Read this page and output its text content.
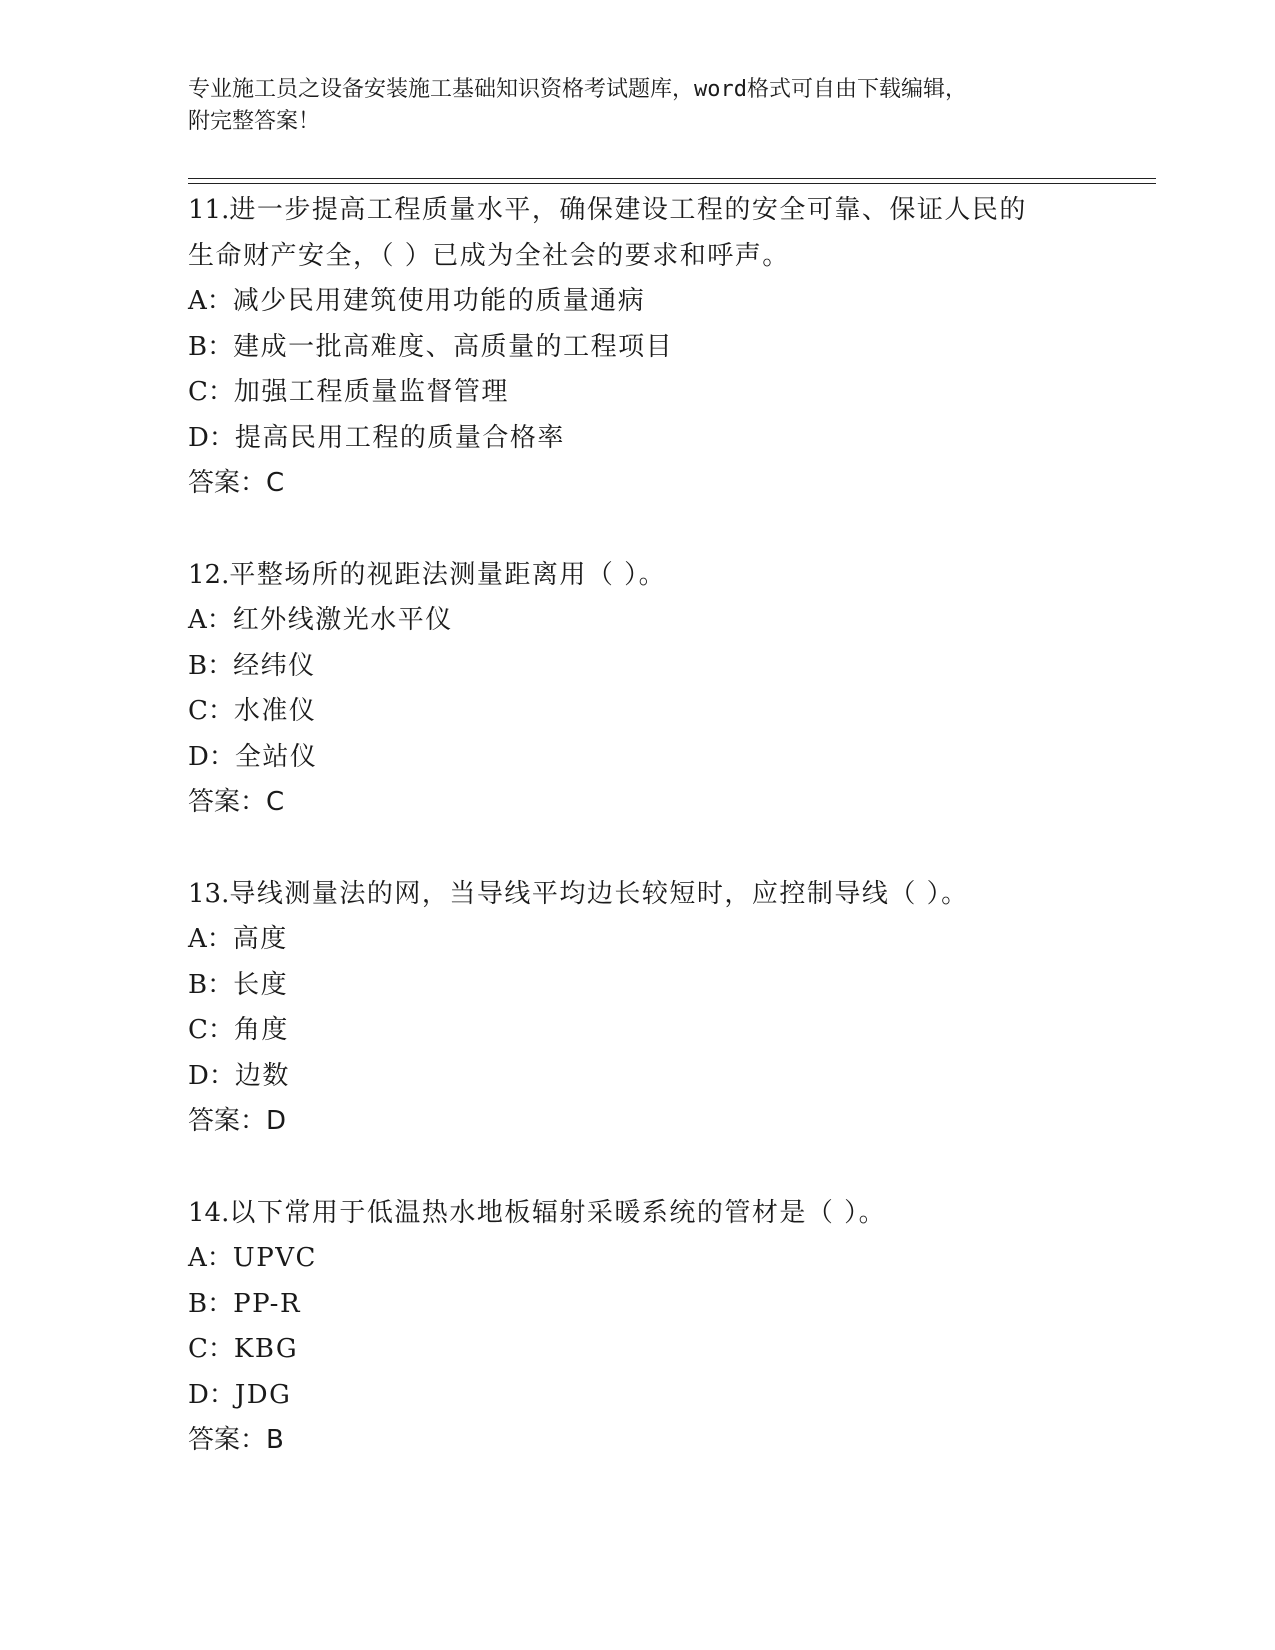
专业施工员之设备安装施工基础知识资格考试题库，word格式可自由下载编辑，
附完整答案！
11.进一步提高工程质量水平，确保建设工程的安全可靠、保证人民的
生命财产安全，（ ）已成为全社会的要求和呼声。
A：减少民用建筑使用功能的质量通病
B：建成一批高难度、高质量的工程项目
C：加强工程质量监督管理
D：提高民用工程的质量合格率
答案：C
12.平整场所的视距法测量距离用（ ）。
A：红外线激光水平仪
B：经纬仪
C：水准仪
D：全站仪
答案：C
13.导线测量法的网，当导线平均边长较短时，应控制导线（ ）。
A：高度
B：长度
C：角度
D：边数
答案：D
14.以下常用于低温热水地板辐射采暖系统的管材是（ ）。
A：UPVC
B：PP-R
C：KBG
D：JDG
答案：B
